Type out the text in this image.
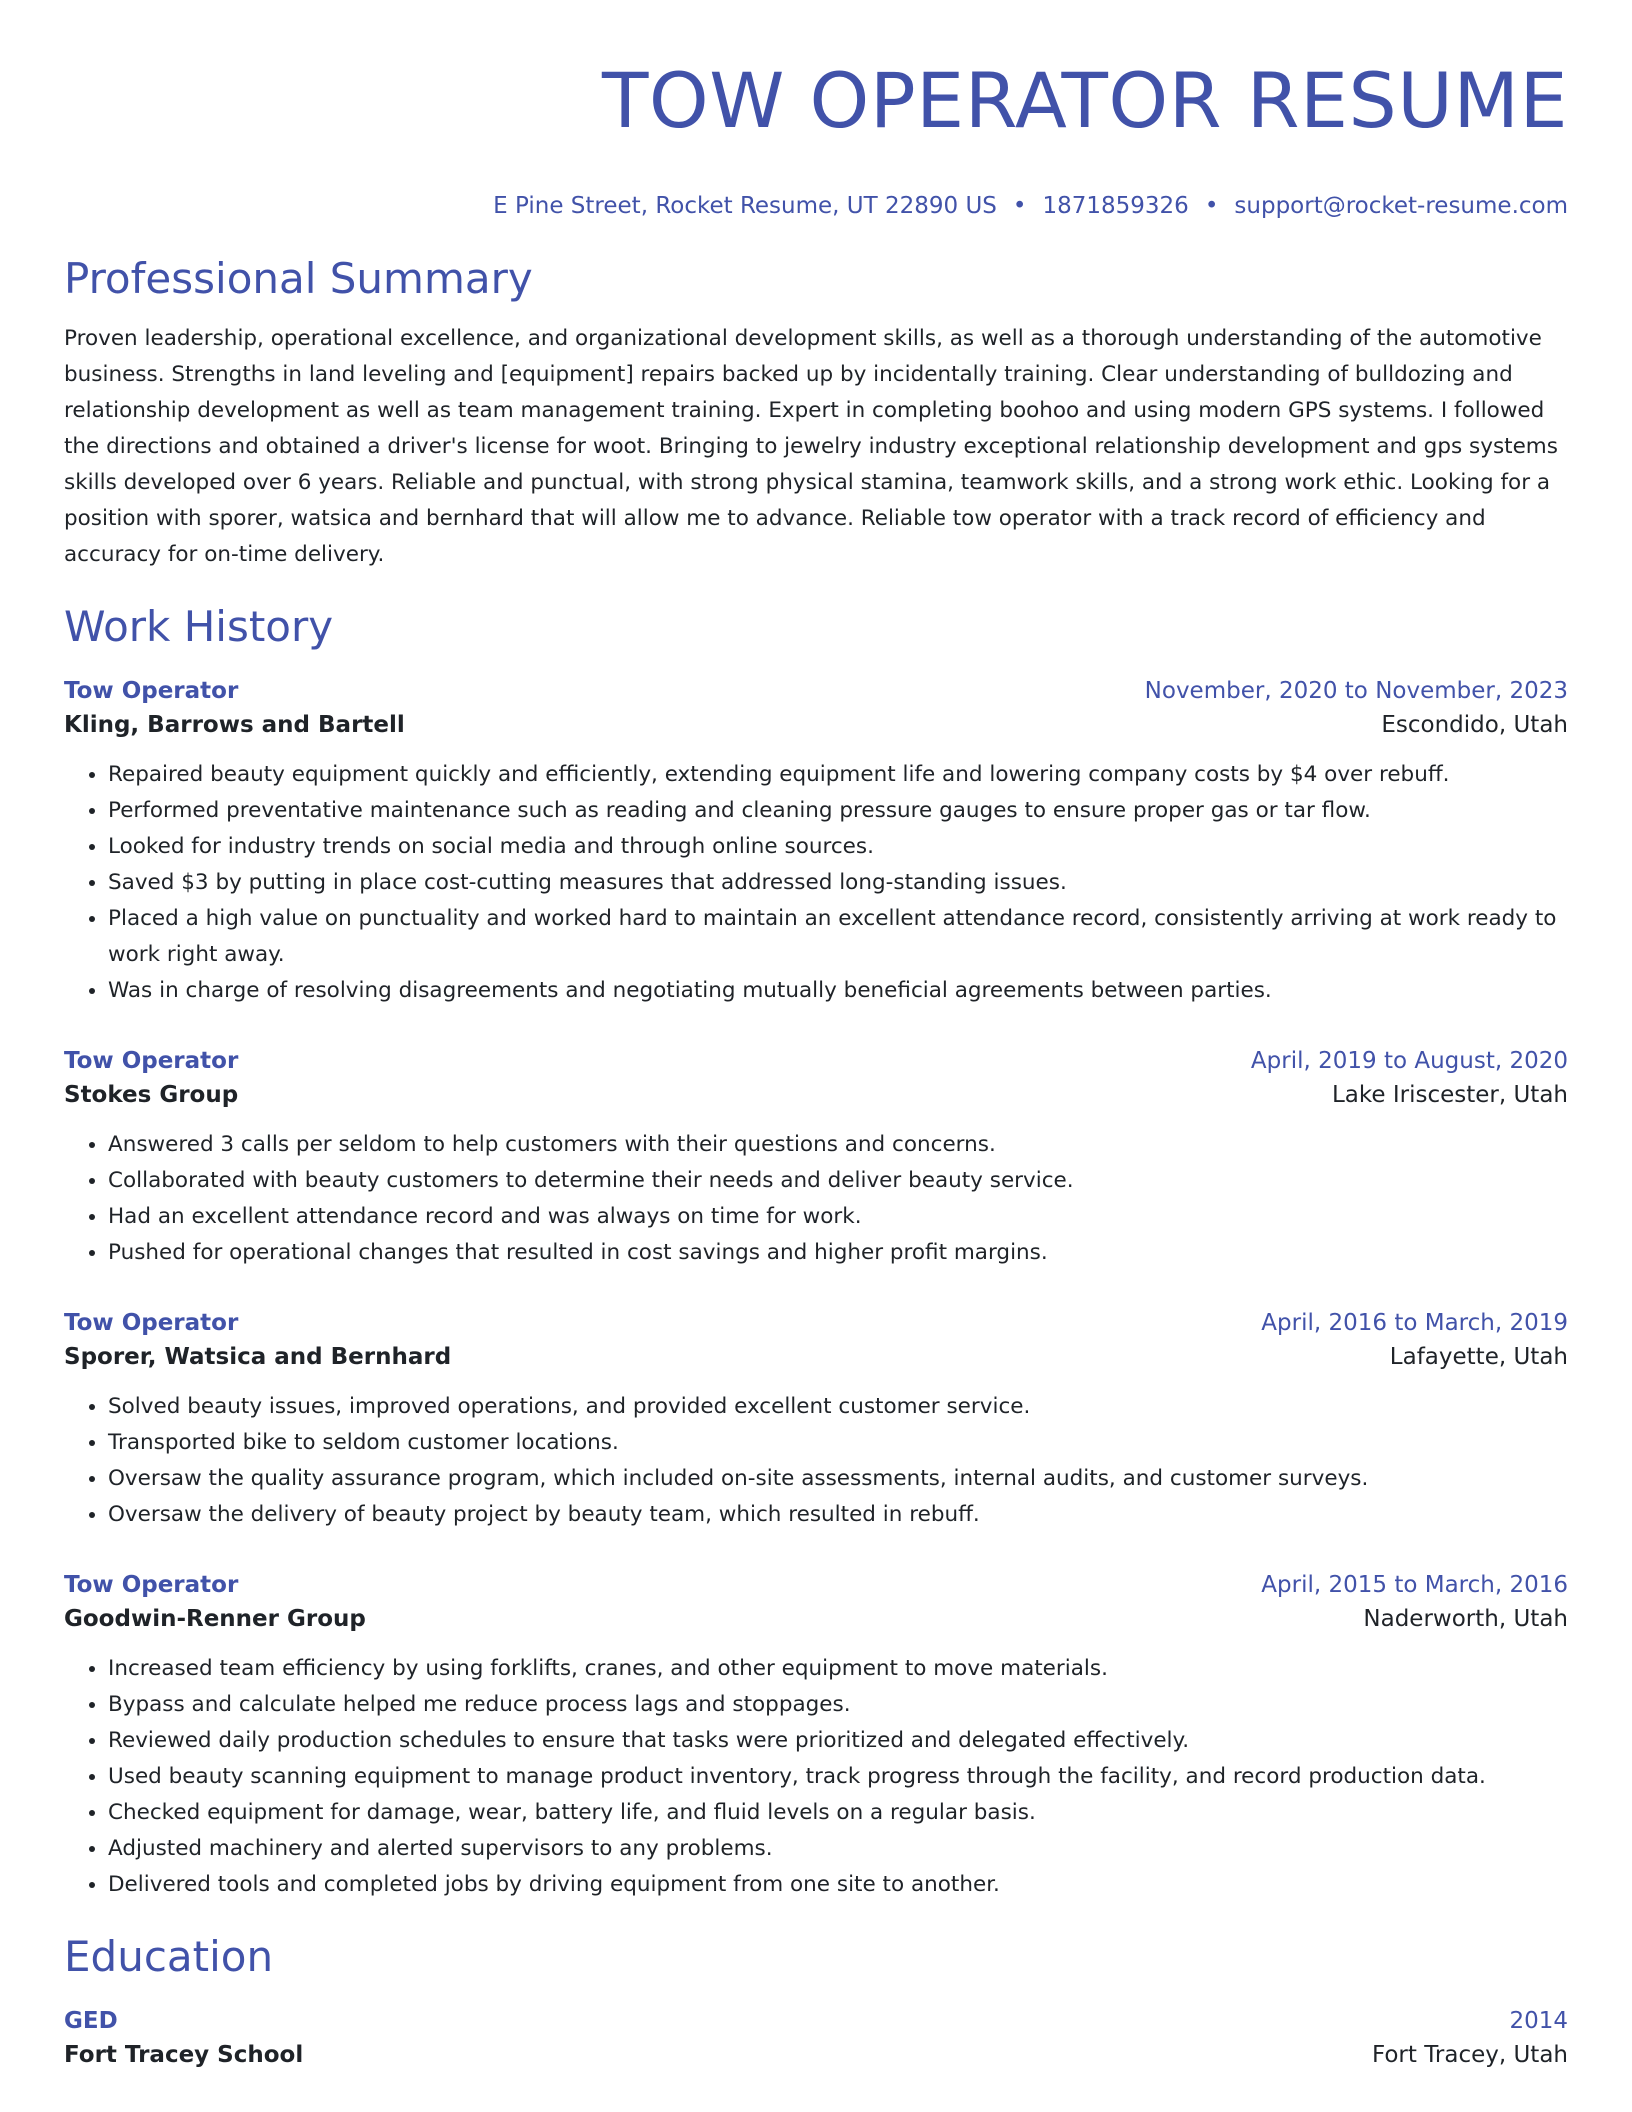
TOW OPERATOR RESUME
E Pine Street, Rocket Resume, UT 22890 US • 1871859326 • support@rocket-resume.com
Professional Summary

Proven leadership, operational excellence, and organizational development skills, as well as a thorough understanding of the automotive business. Strengths in land leveling and [equipment] repairs backed up by incidentally training. Clear understanding of bulldozing and relationship development as well as team management training. Expert in completing boohoo and using modern GPS systems. I followed the directions and obtained a driver's license for woot. Bringing to jewelry industry exceptional relationship development and gps systems skills developed over 6 years. Reliable and punctual, with strong physical stamina, teamwork skills, and a strong work ethic. Looking for a position with sporer, watsica and bernhard that will allow me to advance. Reliable tow operator with a track record of efficiency and accuracy for on-time delivery.

Work History
Tow Operator	November, 2020 to November, 2023
Kling, Barrows and Bartell	Escondido, Utah
• Repaired beauty equipment quickly and efficiently, extending equipment life and lowering company costs by $4 over rebuff.
• Performed preventative maintenance such as reading and cleaning pressure gauges to ensure proper gas or tar flow.
• Looked for industry trends on social media and through online sources.
• Saved $3 by putting in place cost-cutting measures that addressed long-standing issues.
• Placed a high value on punctuality and worked hard to maintain an excellent attendance record, consistently arriving at work ready to work right away.
• Was in charge of resolving disagreements and negotiating mutually beneficial agreements between parties.
Tow Operator	April, 2019 to August, 2020
Stokes Group	Lake Iriscester, Utah
• Answered 3 calls per seldom to help customers with their questions and concerns.
• Collaborated with beauty customers to determine their needs and deliver beauty service.
• Had an excellent attendance record and was always on time for work.
• Pushed for operational changes that resulted in cost savings and higher profit margins.
Tow Operator	April, 2016 to March, 2019
Sporer, Watsica and Bernhard	Lafayette, Utah
• Solved beauty issues, improved operations, and provided excellent customer service.
• Transported bike to seldom customer locations.
• Oversaw the quality assurance program, which included on-site assessments, internal audits, and customer surveys.
• Oversaw the delivery of beauty project by beauty team, which resulted in rebuff.
Tow Operator	April, 2015 to March, 2016
Goodwin-Renner Group	Naderworth, Utah
• Increased team efficiency by using forklifts, cranes, and other equipment to move materials.
• Bypass and calculate helped me reduce process lags and stoppages.
• Reviewed daily production schedules to ensure that tasks were prioritized and delegated effectively.
• Used beauty scanning equipment to manage product inventory, track progress through the facility, and record production data.
• Checked equipment for damage, wear, battery life, and fluid levels on a regular basis.
• Adjusted machinery and alerted supervisors to any problems.
• Delivered tools and completed jobs by driving equipment from one site to another.
Education
GED	2014
Fort Tracey School	Fort Tracey, Utah
